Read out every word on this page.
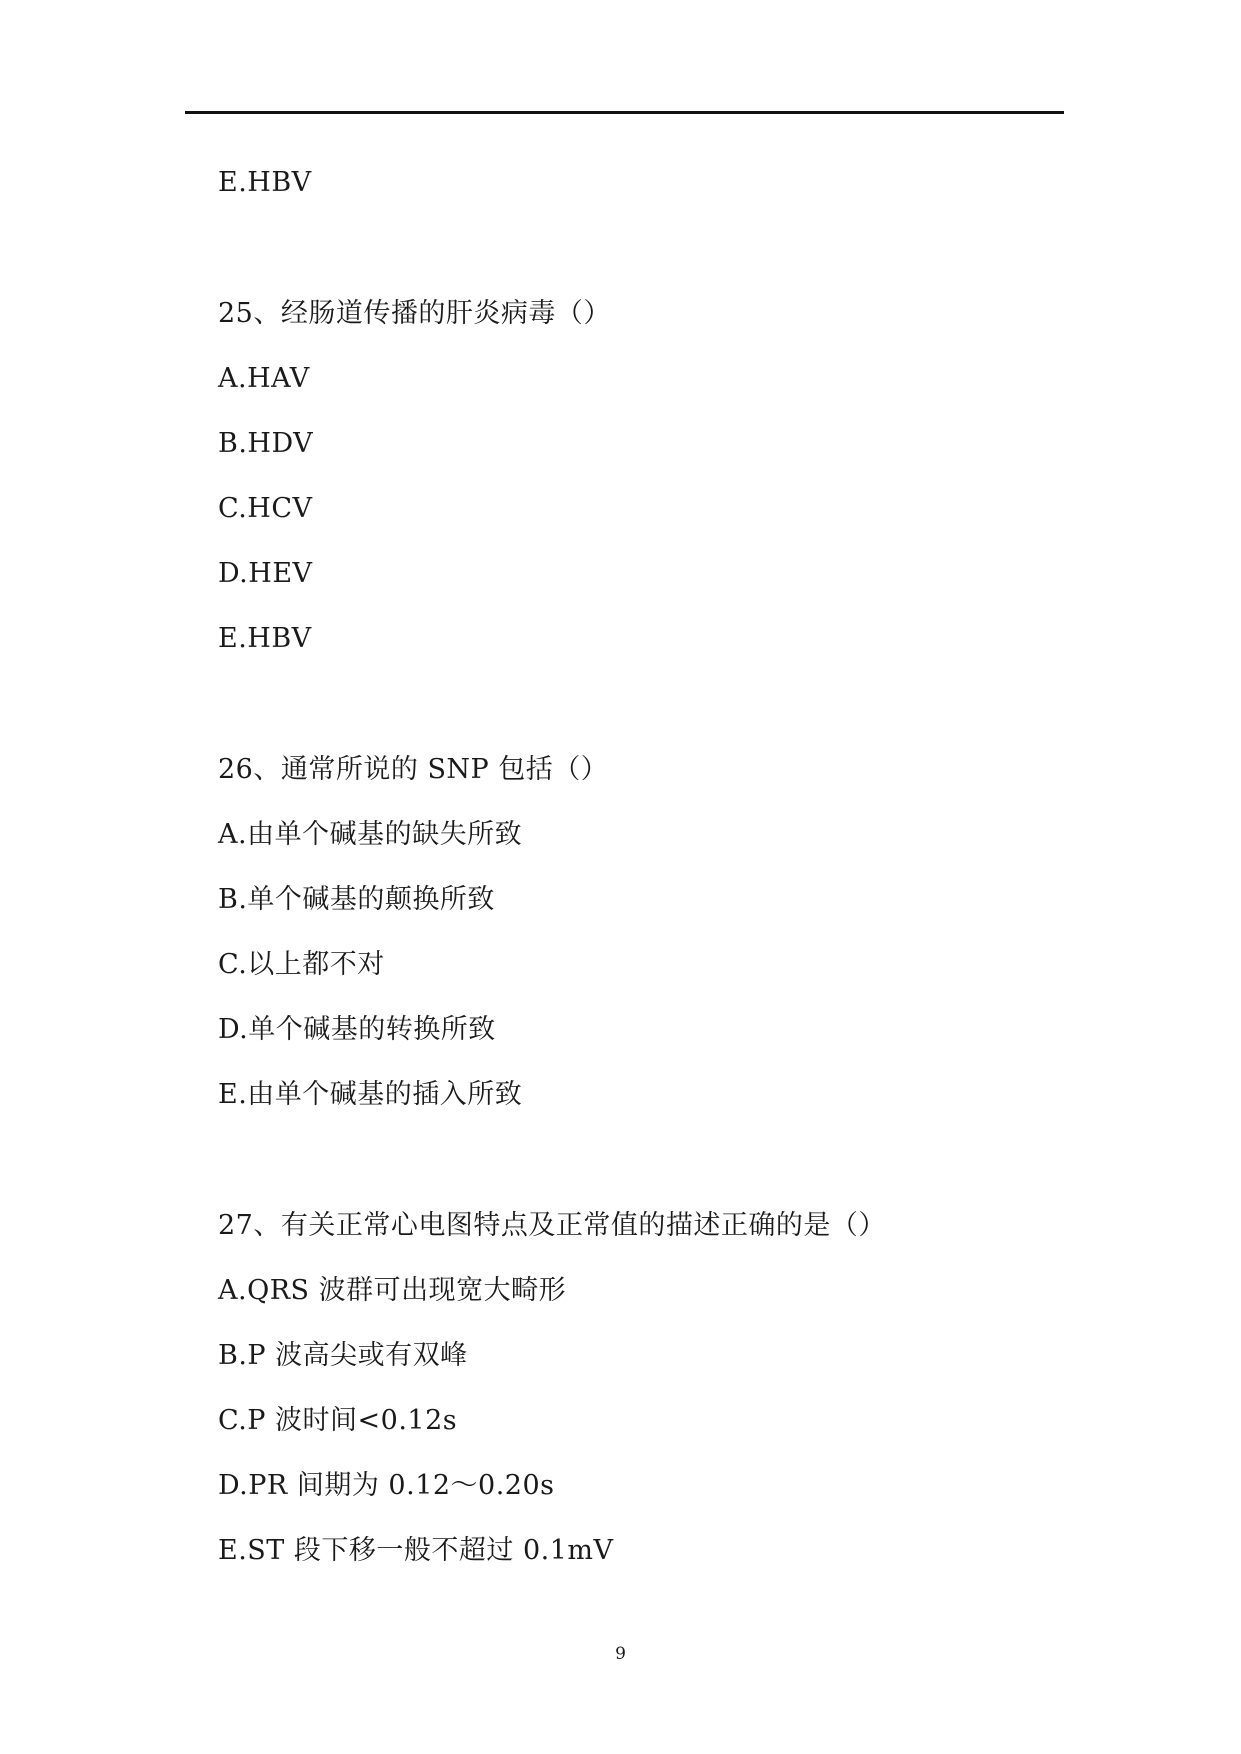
E.HBV
25、经肠道传播的肝炎病毒（）
A.HAV
B.HDV
C.HCV
D.HEV
E.HBV
26、通常所说的 SNP 包括（）
A.由单个碱基的缺失所致
B.单个碱基的颠换所致
C.以上都不对
D.单个碱基的转换所致
E.由单个碱基的插入所致
27、有关正常心电图特点及正常值的描述正确的是（）
A.QRS 波群可出现宽大畸形
B.P 波高尖或有双峰
C.P 波时间<0.12s
D.PR 间期为 0.12～0.20s
E.ST 段下移一般不超过 0.1mV
9
